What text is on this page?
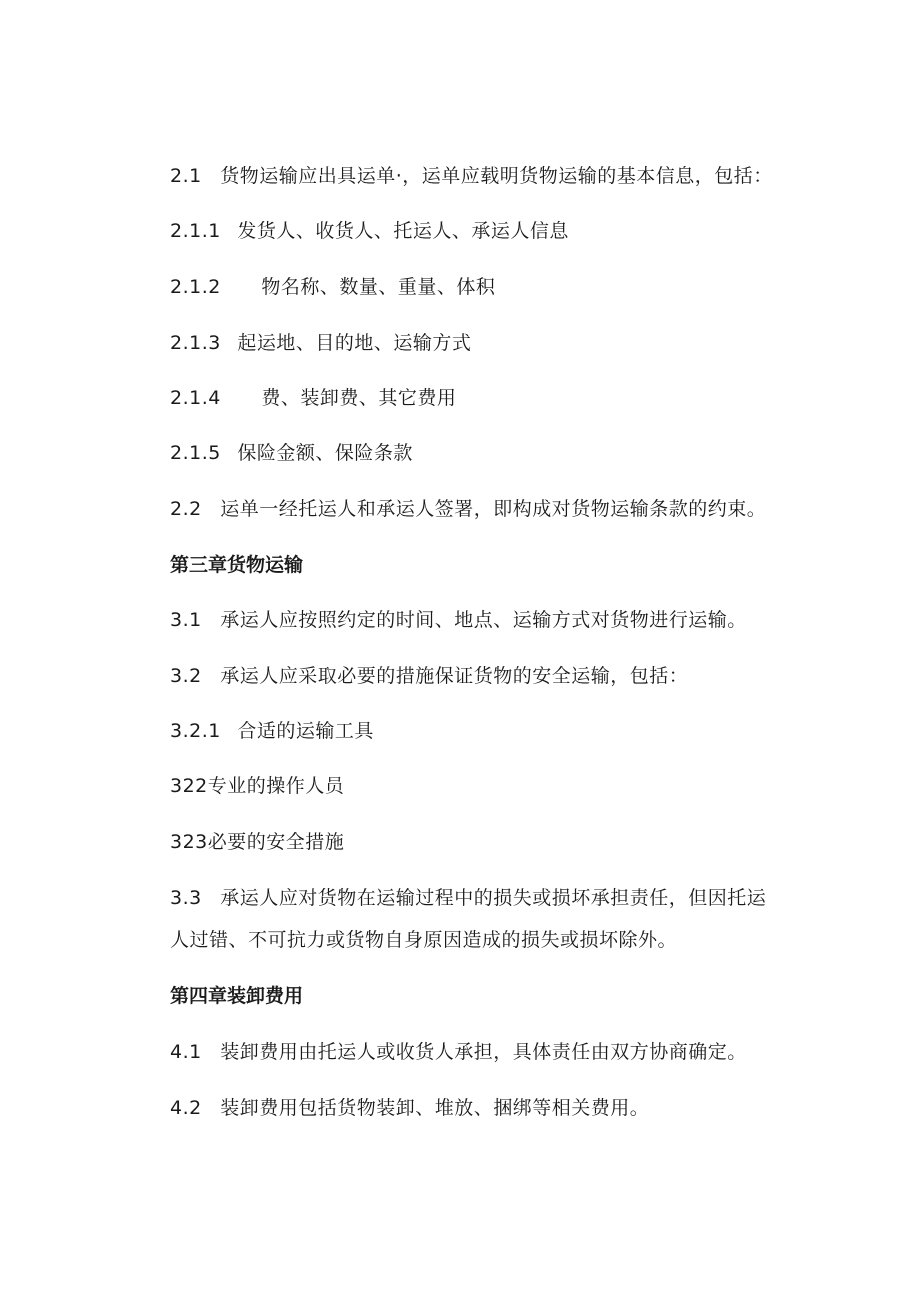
2.1 货物运输应出具运单·，运单应载明货物运输的基本信息，包括：
2.1.1 发货人、收货人、托运人、承运人信息
2.1.2 物名称、数量、重量、体积
2.1.3 起运地、目的地、运输方式
2.1.4 费、装卸费、其它费用
2.1.5 保险金额、保险条款
2.2 运单一经托运人和承运人签署，即构成对货物运输条款的约束。
第三章货物运输
3.1 承运人应按照约定的时间、地点、运输方式对货物进行运输。
3.2 承运人应采取必要的措施保证货物的安全运输，包括：
3.2.1 合适的运输工具
322专业的操作人员
323必要的安全措施
3.3 承运人应对货物在运输过程中的损失或损坏承担责任，但因托运
人过错、不可抗力或货物自身原因造成的损失或损坏除外。
第四章装卸费用
4.1 装卸费用由托运人或收货人承担，具体责任由双方协商确定。
4.2 装卸费用包括货物装卸、堆放、捆绑等相关费用。
